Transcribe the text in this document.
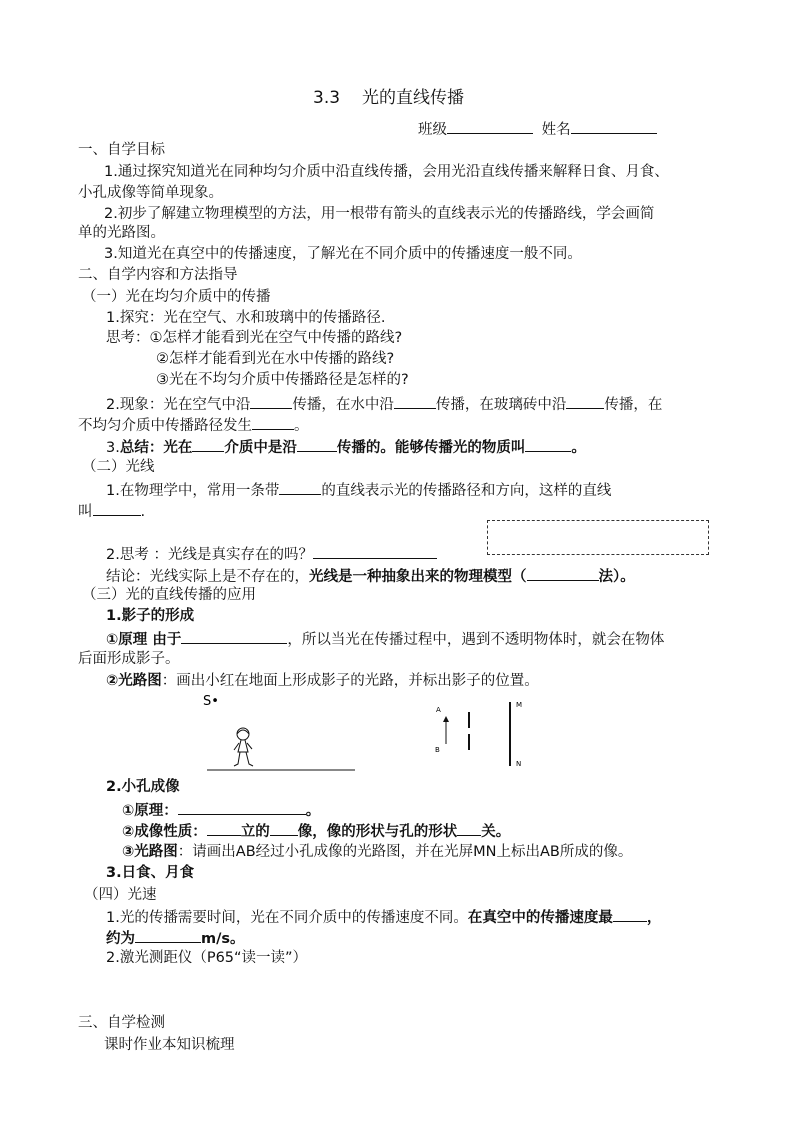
3.3 光的直线传播
班级	姓名
一、自学目标
1.通过探究知道光在同种均匀介质中沿直线传播，会用光沿直线传播来解释日食、月食、
小孔成像等简单现象。
2.初步了解建立物理模型的方法，用一根带有箭头的直线表示光的传播路线，学会画简
单的光路图。
3.知道光在真空中的传播速度，了解光在不同介质中的传播速度一般不同。
二、自学内容和方法指导
（一）光在均匀介质中的传播
1.探究：光在空气、水和玻璃中的传播路径.
思考：①怎样才能看到光在空气中传播的路线?
②怎样才能看到光在水中传播的路线?
③光在不均匀介质中传播路径是怎样的?
2.现象：光在空气中沿	传播，在水中沿	传播，在玻璃砖中沿	传播，在
不均匀介质中传播路径发生	。
3.总结：光在 介质中是沿	传播的。能够传播光的物质叫	。
（二）光线
1.在物理学中，常用一条带	的直线表示光的传播路径和方向，这样的直线
叫	.
2.思考 ：光线是真实存在的吗？
结论：光线实际上是不存在的，光线是一种抽象出来的物理模型（	法）。
（三）光的直线传播的应用
1.影子的形成
①原理 由于	，所以当光在传播过程中，遇到不透明物体时，就会在物体
后面形成影子。
②光路图：画出小红在地面上形成影子的光路，并标出影子的位置。
S•
A
B
M
N
2.小孔成像
①原理：	。
②成像性质： 立的 像，像的形状与孔的形状 关。
③光路图：请画出AB经过小孔成像的光路图，并在光屏MN上标出AB所成的像。
3.日食、月食
（四）光速
1.光的传播需要时间，光在不同介质中的传播速度不同。在真空中的传播速度最 ，
约为	m/s。
2.激光测距仪（P65“读一读”）
三、自学检测
课时作业本知识梳理
